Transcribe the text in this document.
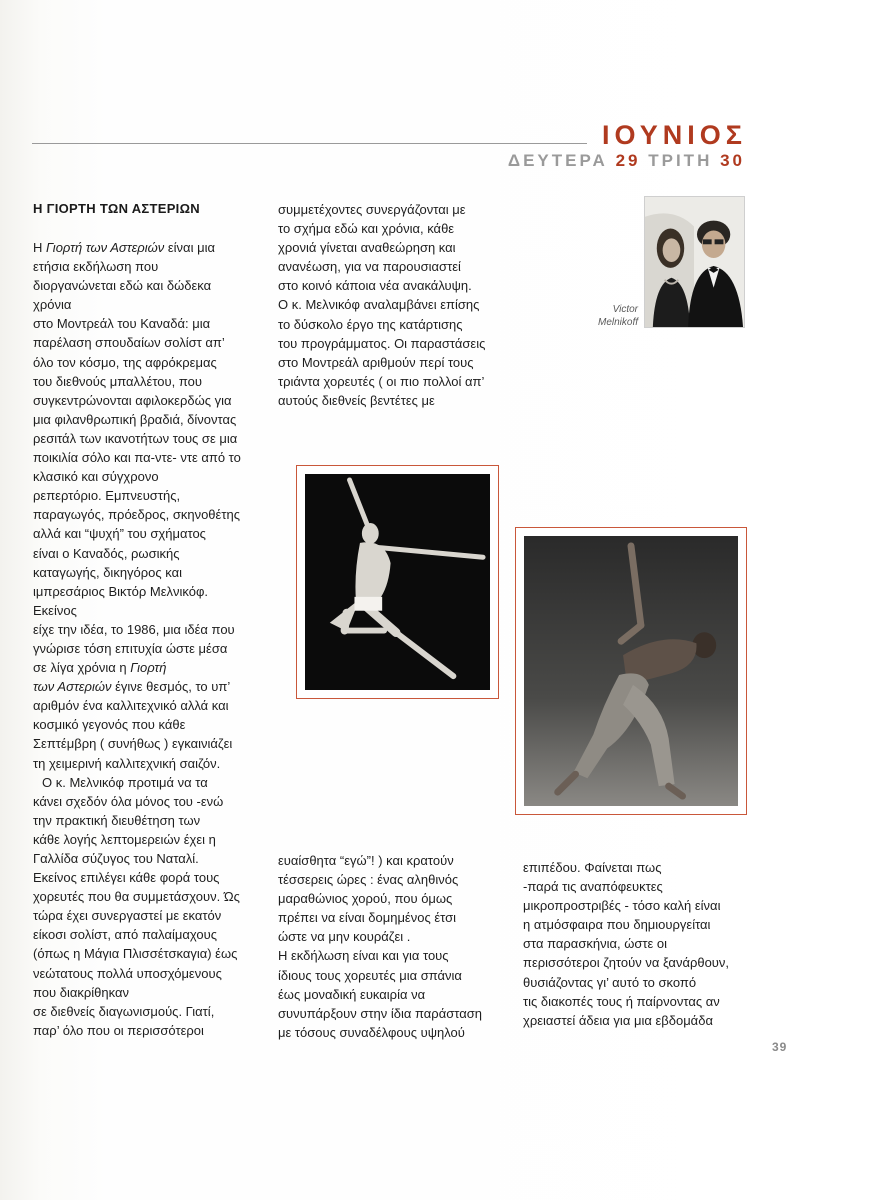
ΙΟΥΝΙΟΣ
ΔΕΥΤΕΡΑ 29 ΤΡΙΤΗ 30
Η ΓΙΟΡΤΗ ΤΩΝ ΑΣΤΕΡΙΩΝ

Η Γιορτή των Αστεριών είναι μια

ετήσια εκδήλωση που

διοργανώνεται εδώ και δώδεκα

χρόνια

στο Μοντρεάλ του Καναδά: μια

παρέλαση σπουδαίων σολίστ απ’

όλο τον κόσμο, της αφρόκρεμας

του διεθνούς μπαλλέτου, που

συγκεντρώνονται αφιλοκερδώς για

μια φιλανθρωπική βραδιά, δίνοντας

ρεσιτάλ των ικανοτήτων τους σε μια

ποικιλία σόλο και πα-ντε- ντε από το

κλασικό και σύγχρονο

ρεπερτόριο. Εμπνευστής,

παραγωγός, πρόεδρος, σκηνοθέτης

αλλά και “ψυχή” του σχήματος

είναι ο Καναδός, ρωσικής

καταγωγής, δικηγόρος και

ιμπρεσάριος Βικτόρ Μελνικόφ.

Εκείνος

είχε την ιδέα, το 1986, μια ιδέα που

γνώρισε τόση επιτυχία ώστε μέσα

σε λίγα χρόνια η Γιορτή

των Αστεριών έγινε θεσμός, το υπ’

αριθμόν ένα καλλιτεχνικό αλλά και

κοσμικό γεγονός που κάθε

Σεπτέμβρη ( συνήθως ) εγκαινιάζει

τη χειμερινή καλλιτεχνική σαιζόν.

Ο κ. Μελνικόφ προτιμά να τα

κάνει σχεδόν όλα μόνος του -ενώ

την πρακτική διευθέτηση των

κάθε λογής λεπτομερειών έχει η

Γαλλίδα σύζυγος του Nαταλί.

Εκείνος επιλέγει κάθε φορά τους

χορευτές που θα συμμετάσχουν. Ώς

τώρα έχει συνεργαστεί με εκατόν

είκοσι σολίστ, από παλαίμαχους

(όπως η Μάγια Πλισσέτσκαγια) έως

νεώτατους πολλά υποσχόμενους

που διακρίθηκαν

σε διεθνείς διαγωνισμούς. Γιατί,

παρ’ όλο που οι περισσότεροι

συμμετέχοντες συνεργάζονται με

το σχήμα εδώ και χρόνια, κάθε

χρονιά γίνεται αναθεώρηση και

ανανέωση, για να παρουσιαστεί

στο κοινό κάποια νέα ανακάλυψη.

Ο κ. Μελνικόφ αναλαμβάνει επίσης

το δύσκολο έργο της κατάρτισης

του προγράμματος. Οι παραστάσεις

στο Μοντρεάλ αριθμούν περί τους

τριάντα χορευτές ( οι πιο πολλοί απ’

αυτούς διεθνείς βεντέτες με

Victor
Melnikoff

ευαίσθητα “εγώ”! ) και κρατούν

τέσσερεις ώρες : ένας αληθινός

μαραθώνιος χορού, που όμως

πρέπει να είναι δομημένος έτσι

ώστε να μην κουράζει .

Η εκδήλωση είναι και για τους

ίδιους τους χορευτές μια σπάνια

έως μοναδική ευκαιρία να

συνυπάρξουν στην ίδια παράσταση

με τόσους συναδέλφους υψηλού

επιπέδου. Φαίνεται πως

-παρά τις αναπόφευκτες

μικροπροστριβές - τόσο καλή είναι

η ατμόσφαιρα που δημιουργείται

στα παρασκήνια, ώστε οι

περισσότεροι ζητούν να ξανάρθουν,

θυσιάζοντας γι’ αυτό το σκοπό

τις διακοπές τους ή παίρνοντας αν

χρειαστεί άδεια για μια εβδομάδα

39
